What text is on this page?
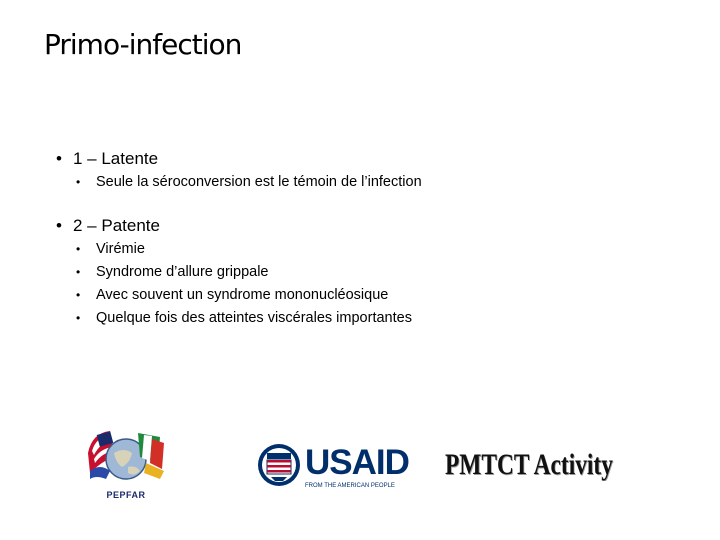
Primo-infection
• 1 – Latente
• Seule la séroconversion est le témoin de l’infection
• 2 – Patente
• Virémie
• Syndrome d’allure grippale
• Avec souvent un syndrome mononucléosique
• Quelque fois des atteintes viscérales importantes
PEPFAR
USAID
FROM THE AMERICAN PEOPLE
PMTCT Activity
